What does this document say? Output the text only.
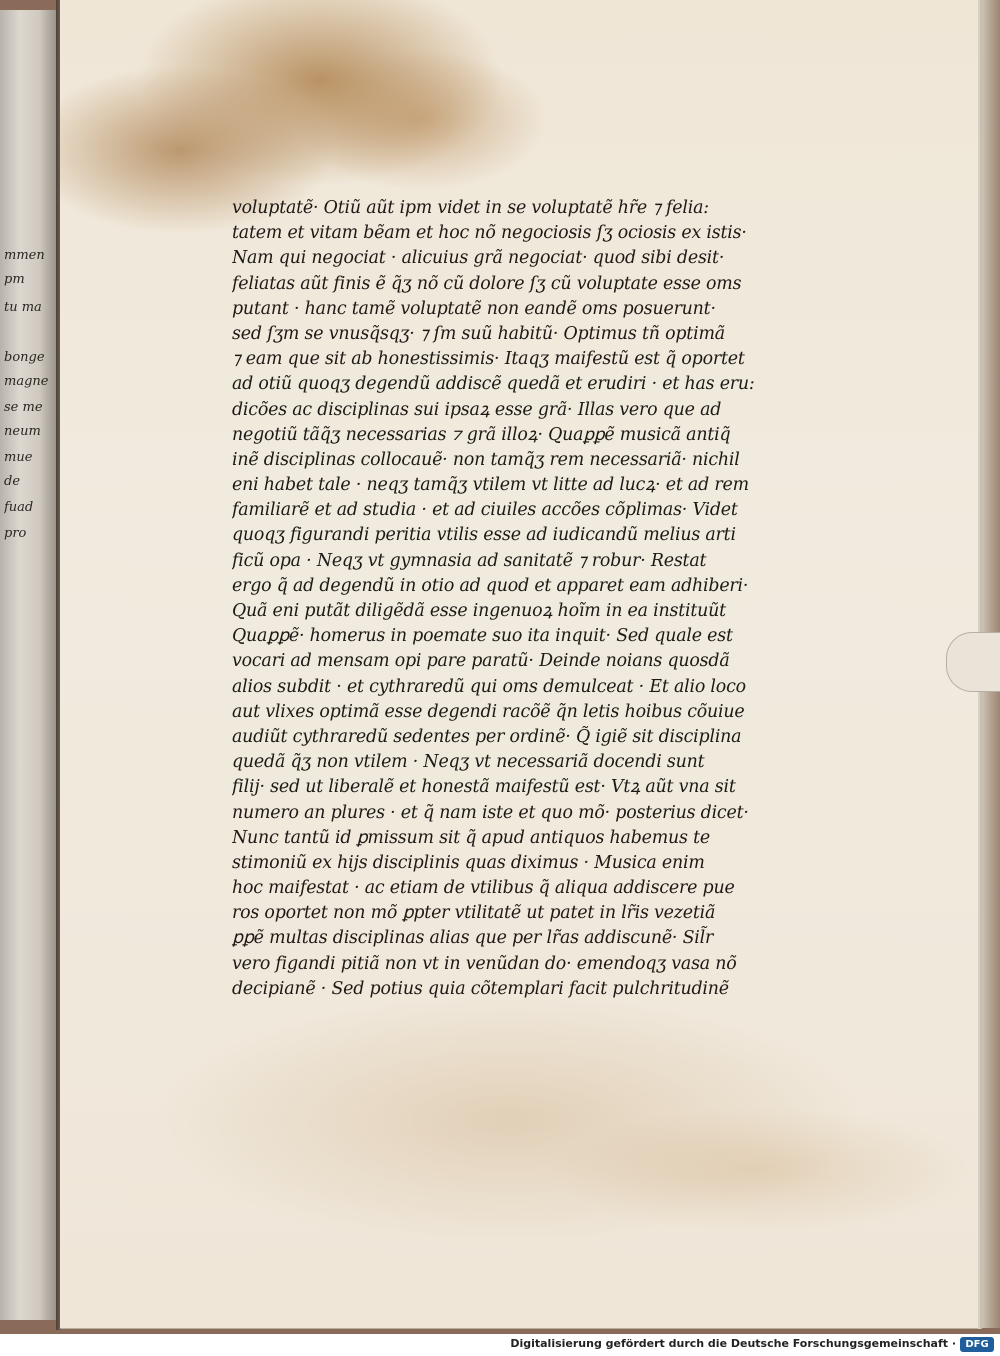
mmen
pm
tu ma
bonge
magne
se me
neum
mue
de
fuad
pro
voluptatẽ· Otiũ aũt ipm videt in se voluptatẽ hr̃e ⁊ felia:
tatem et vitam bẽam et hoc nõ negociosis ſʒ ociosis ex istis·
Nam qui negociat · alicuius grã negociat· quod sibi desit·
feliatas aũt finis ẽ q̃ʒ nõ cũ dolore ſʒ cũ voluptate esse oms
putant · hanc tamẽ voluptatẽ non eandẽ oms posuerunt·
sed ſʒm se vnusq̃sqʒ· ⁊ ſm suũ habitũ· Optimus tñ optimã
⁊ eam que sit ab honestissimis· Itaqʒ maifestũ est q̃ oportet
ad otiũ quoqʒ degendũ addiscẽ quedã et erudiri · et has eru:
dicões ac disciplinas sui ipsaꝝ esse grã· Illas vero que ad
negotiũ tãq̃ʒ necessarias ⁊ grã illoꝝ· Quaꝑꝑẽ musicã antiq̃
inẽ disciplinas collocauẽ· non tamq̃ʒ rem necessariã· nichil
eni habet tale · neqʒ tamq̃ʒ vtilem vt litte ad lucꝝ· et ad rem
familiarẽ et ad studia · et ad ciuiles accões cõplimas· Videt
quoqʒ figurandi peritia vtilis esse ad iudicandũ melius arti
ficũ opa · Neqʒ vt gymnasia ad sanitatẽ ⁊ robur· Restat
ergo q̃ ad degendũ in otio ad quod et apparet eam adhiberi·
Quã eni putãt diligẽdã esse ingenuoꝝ hoĩm in ea instituũt
Quaꝑꝑẽ· homerus in poemate suo ita inquit· Sed quale est
vocari ad mensam opi pare paratũ· Deinde noians quosdã
alios subdit · et cythraredũ qui oms demulceat · Et alio loco
aut vlixes optimã esse degendi racõẽ q̃n letis hoibus cõuiue
audiũt cythraredũ sedentes per ordinẽ· Q̃ igiẽ sit disciplina
quedã q̃ʒ non vtilem · Neqʒ vt necessariã docendi sunt
filij· sed ut liberalẽ et honestã maifestũ est· Vtꝝ aũt vna sit
numero an plures · et q̃ nam iste et quo mõ· posterius dicet·
Nunc tantũ id ꝑmissum sit q̃ apud antiquos habemus te
stimoniũ ex hijs disciplinis quas diximus · Musica enim
hoc maifestat · ac etiam de vtilibus q̃ aliqua addiscere pue
ros oportet non mõ ꝑpter vtilitatẽ ut patet in lr̃is vezetiã
ꝑꝑẽ multas disciplinas alias que per lr̃as addiscunẽ· Sil̃r
vero figandi pitiã non vt in venũdan do· emendoqʒ vasa nõ
decipianẽ · Sed potius quia cõtemplari facit pulchritudinẽ
Digitalisierung gefördert durch die Deutsche Forschungsgemeinschaft · DFG
